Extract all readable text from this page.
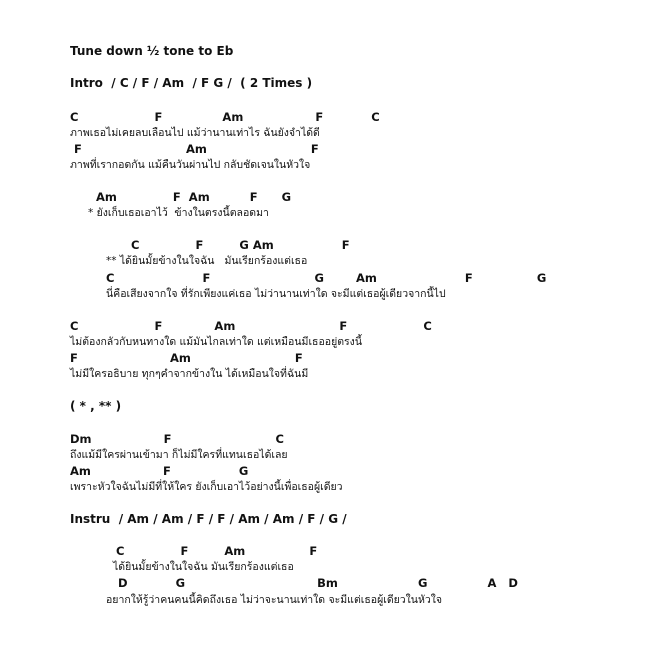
Tune down ½ tone to Eb
Intro  / C / F / Am  / F G /  ( 2 Times )
C                   F               Am                  F            C
ภาพเธอไม่เคยลบเลือนไป แม้ว่านานเท่าไร ฉันยังจำได้ดี
F                          Am                          F
ภาพที่เรากอดกัน แม้คืนวันผ่านไป กลับชัดเจนในหัวใจ
Am              F  Am          F      G
* ยังเก็บเธอเอาไว้  ข้างในตรงนี้ตลอดมา
C              F         G Am                 F
** ได้ยินมั้ยข้างในใจฉัน   มันเรียกร้องแต่เธอ
C                      F                          G        Am                      F                G
นี่คือเสียงจากใจ ที่รักเพียงแค่เธอ ไม่ว่านานเท่าใด จะมีแต่เธอผู้เดียวจากนี้ไป
C                   F             Am                          F                   C
ไม่ต้องกลัวกับหนทางใด แม้มันไกลเท่าใด แต่เหมือนมีเธออยู่ตรงนี้
F                       Am                          F
ไม่มีใครอธิบาย ทุกๆคำจากข้างใน ได้เหมือนใจที่ฉันมี
( * , ** )
Dm                  F                          C
ถึงแม้มีใครผ่านเข้ามา ก็ไม่มีใครที่แทนเธอได้เลย
Am                  F                 G
เพราะหัวใจฉันไม่มีที่ให้ใคร ยังเก็บเอาไว้อย่างนี้เพื่อเธอผู้เดียว
Instru  / Am / Am / F / F / Am / Am / F / G /
C              F         Am                F
ได้ยินมั้ยข้างในใจฉัน มันเรียกร้องแต่เธอ
D            G                                 Bm                    G               A   D
อยากให้รู้ว่าคนคนนี้คิดถึงเธอ ไม่ว่าจะนานเท่าใด จะมีแต่เธอผู้เดียวในหัวใจ
